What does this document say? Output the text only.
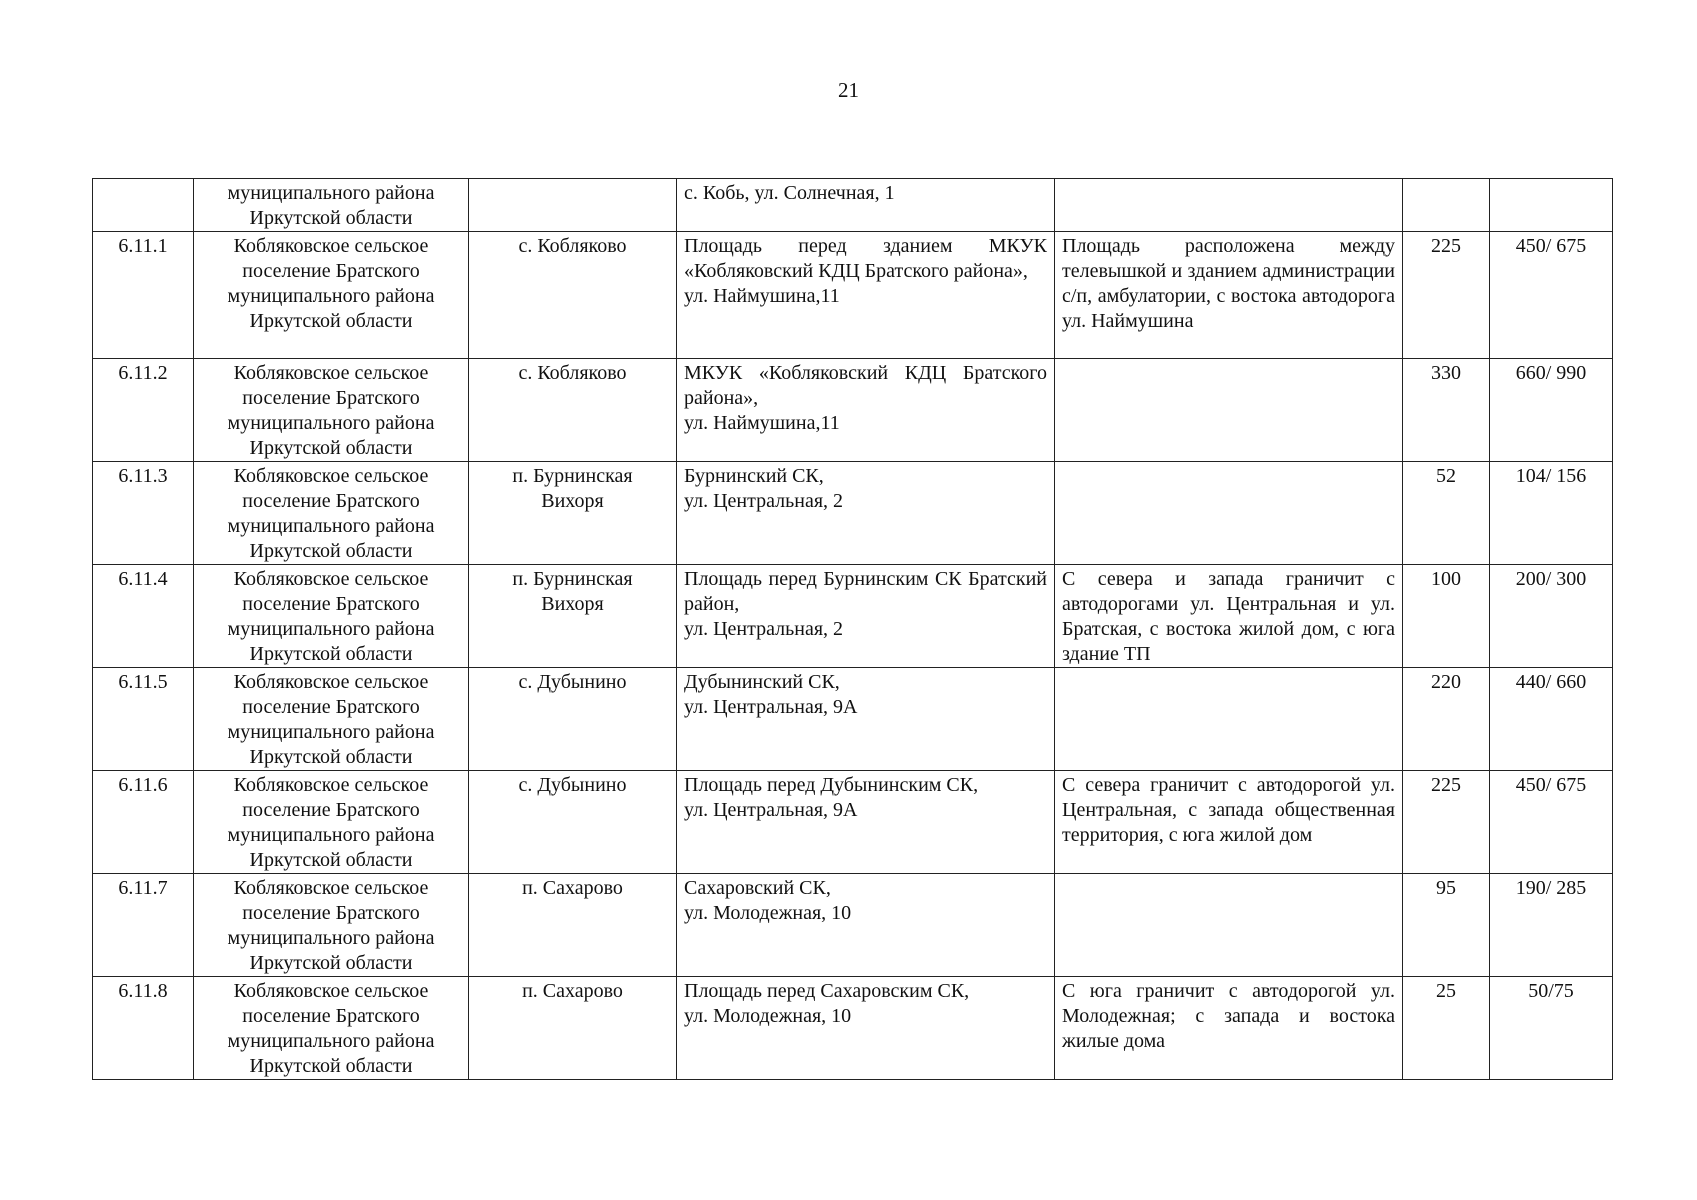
21

	муниципального района
Иркутской области		с. Кобь, ул. Солнечная, 1			

6.11.1	Кобляковское сельское
поселение Братского
муниципального района
Иркутской области	с. Кобляково	Площадь перед зданием МКУК «Кобляковский КДЦ Братского района»,
ул. Наймушина,11	Площадь расположена между телевышкой и зданием администрации с/п, амбулатории, с востока автодорога ул. Наймушина	225	450/ 675
6.11.2	Кобляковское сельское
поселение Братского
муниципального района
Иркутской области	с. Кобляково	МКУК «Кобляковский КДЦ Братского района»,
ул. Наймушина,11		330	660/ 990
6.11.3	Кобляковское сельское
поселение Братского
муниципального района
Иркутской области	п. Бурнинская
Вихоря	Бурнинский СК,
ул. Центральная, 2		52	104/ 156
6.11.4	Кобляковское сельское
поселение Братского
муниципального района
Иркутской области	п. Бурнинская
Вихоря	Площадь перед Бурнинским СК Братский район,
ул. Центральная, 2	С севера и запада граничит с автодорогами ул. Центральная и ул. Братская, с востока жилой дом, с юга здание ТП	100	200/ 300
6.11.5	Кобляковское сельское
поселение Братского
муниципального района
Иркутской области	с. Дубынино	Дубынинский СК,
ул. Центральная, 9А		220	440/ 660
6.11.6	Кобляковское сельское
поселение Братского
муниципального района
Иркутской области	с. Дубынино	Площадь перед Дубынинским СК,
ул. Центральная, 9А	С севера граничит с автодорогой ул. Центральная, с запада общественная территория, с юга жилой дом	225	450/ 675
6.11.7	Кобляковское сельское
поселение Братского
муниципального района
Иркутской области	п. Сахарово	Сахаровский СК,
ул. Молодежная, 10		95	190/ 285
6.11.8	Кобляковское сельское
поселение Братского
муниципального района
Иркутской области	п. Сахарово	Площадь перед Сахаровским СК,
ул. Молодежная, 10	С юга граничит с автодорогой ул. Молодежная; с запада и востока жилые дома	25	50/75
